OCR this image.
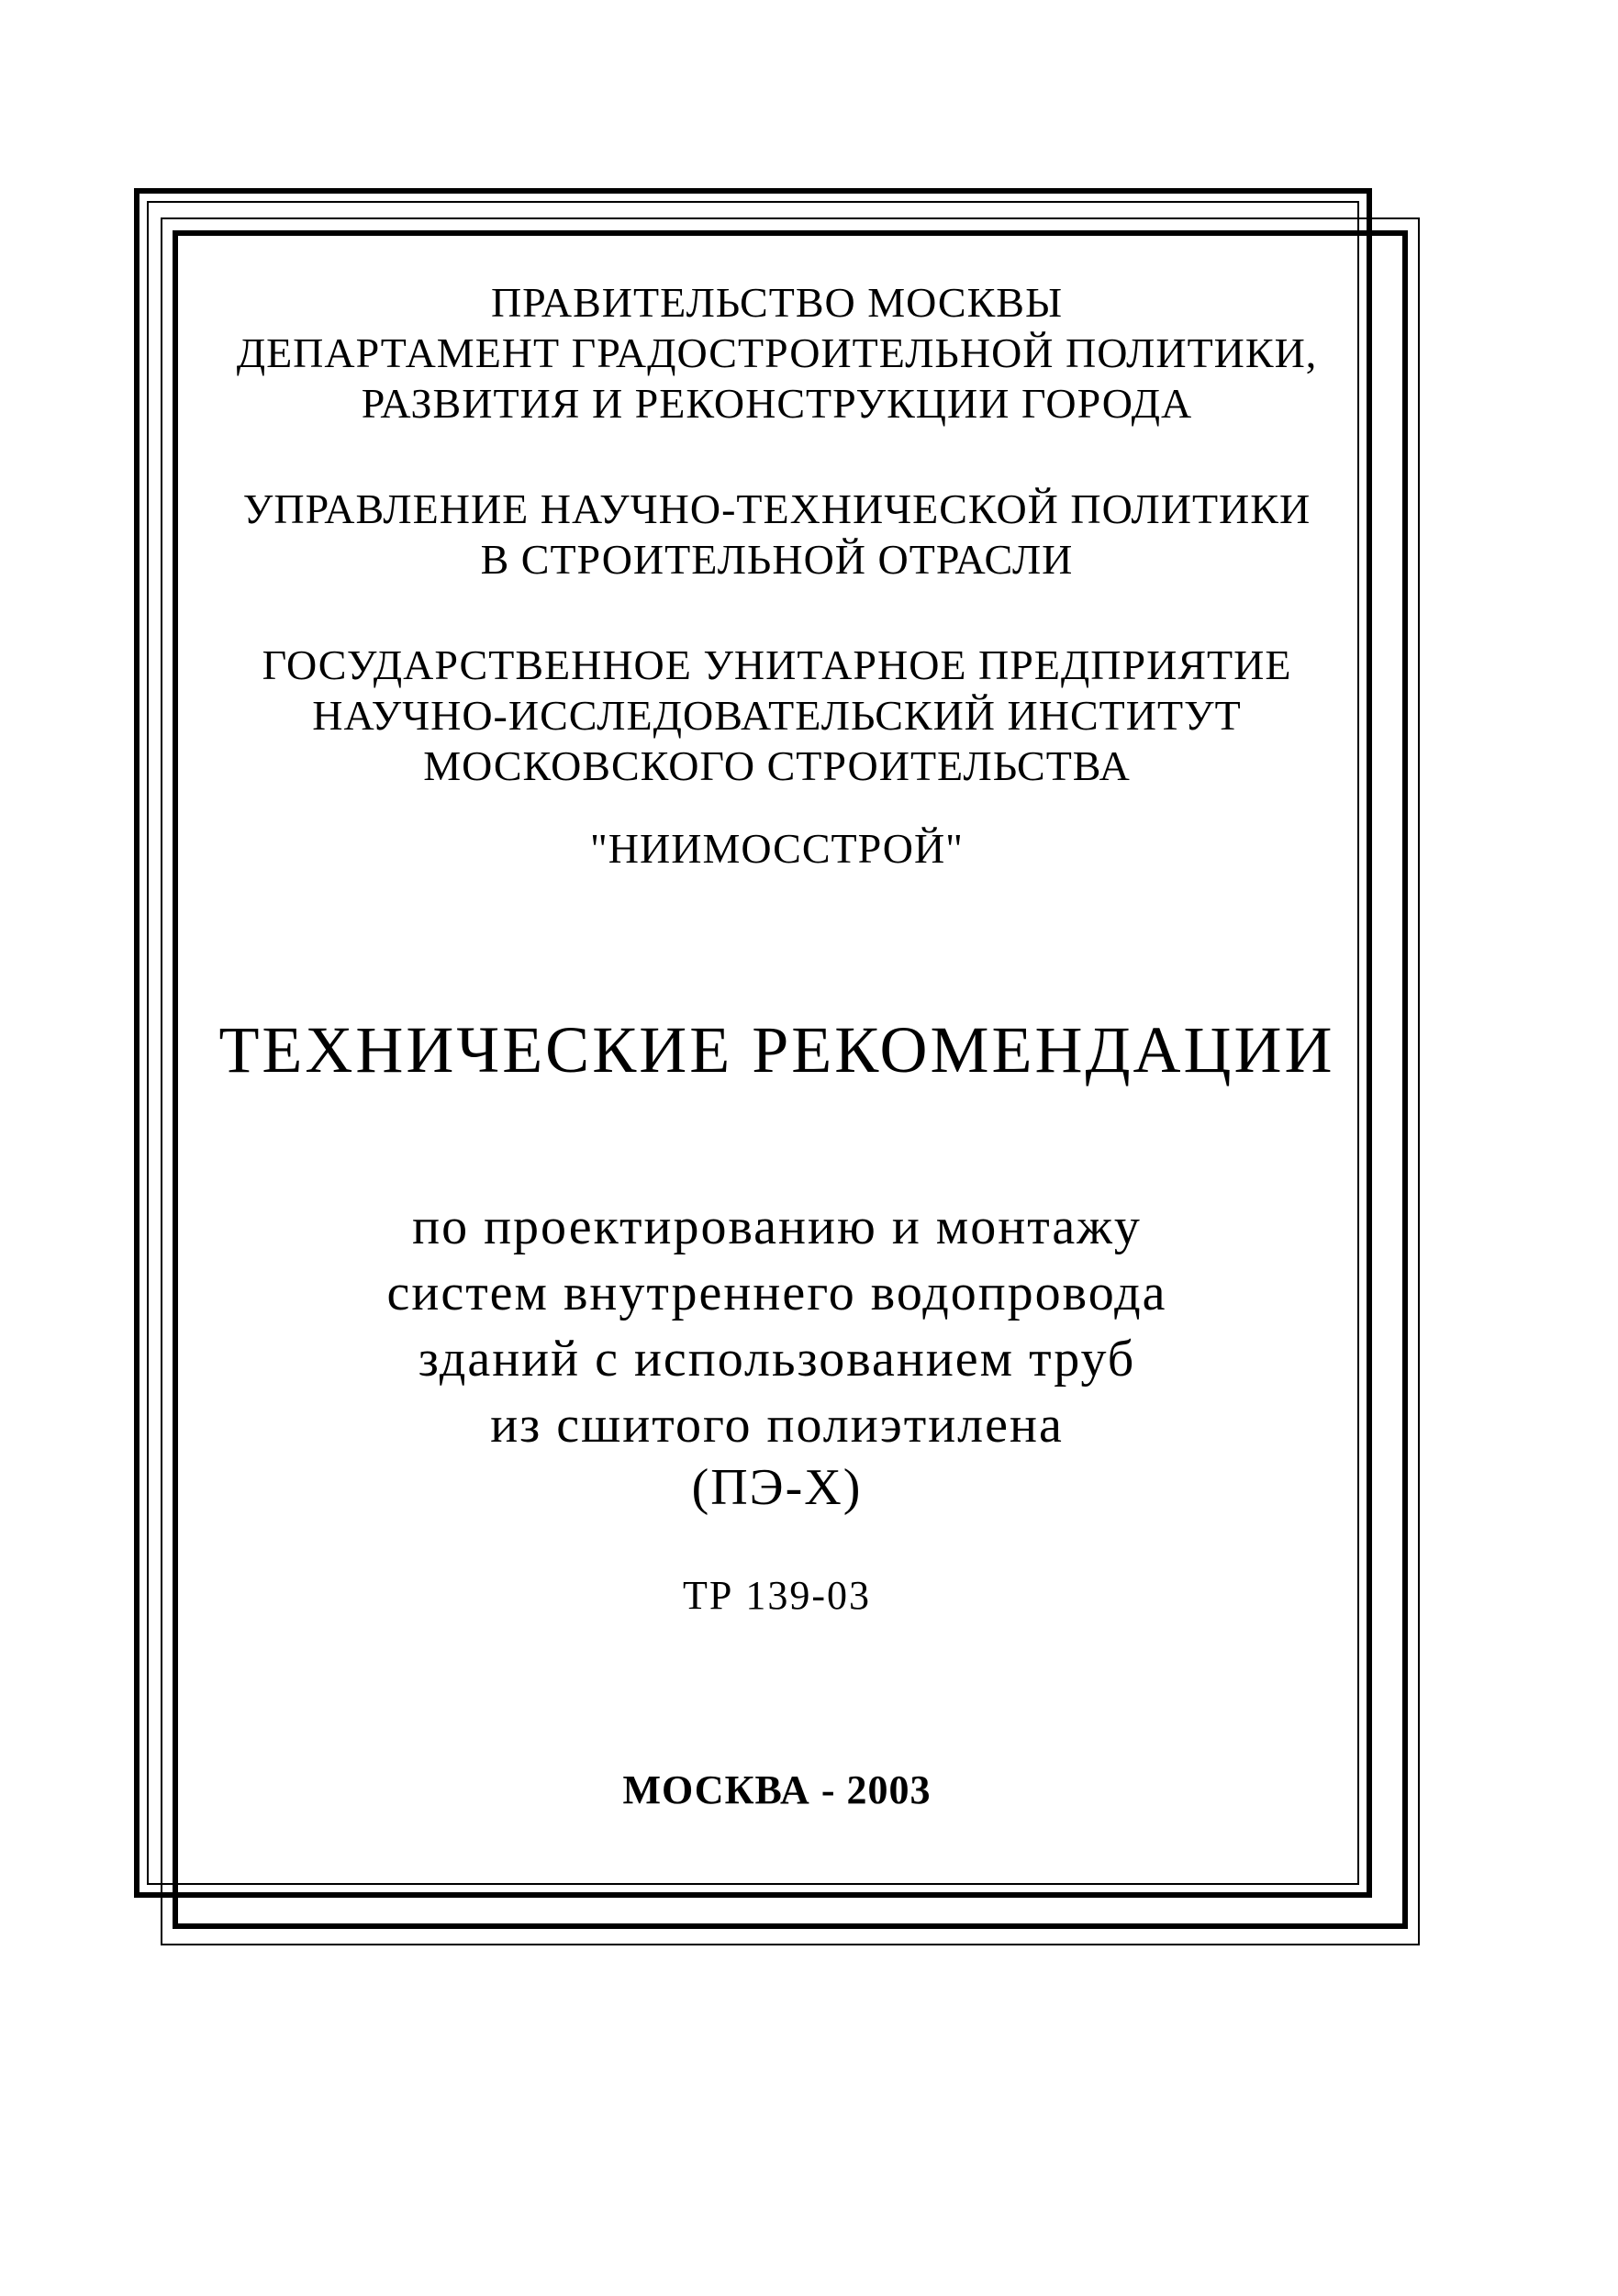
ПРАВИТЕЛЬСТВО МОСКВЫ
ДЕПАРТАМЕНТ ГРАДОСТРОИТЕЛЬНОЙ ПОЛИТИКИ,
РАЗВИТИЯ И РЕКОНСТРУКЦИИ ГОРОДА
УПРАВЛЕНИЕ НАУЧНО-ТЕХНИЧЕСКОЙ ПОЛИТИКИ
В СТРОИТЕЛЬНОЙ ОТРАСЛИ
ГОСУДАРСТВЕННОЕ УНИТАРНОЕ ПРЕДПРИЯТИЕ
НАУЧНО-ИССЛЕДОВАТЕЛЬСКИЙ ИНСТИТУТ
МОСКОВСКОГО СТРОИТЕЛЬСТВА
"НИИМОССТРОЙ"
ТЕХНИЧЕСКИЕ РЕКОМЕНДАЦИИ
по проектированию и монтажу
систем внутреннего водопровода
зданий с использованием труб
из сшитого полиэтилена
(ПЭ-Х)
ТР 139-03
МОСКВА - 2003
